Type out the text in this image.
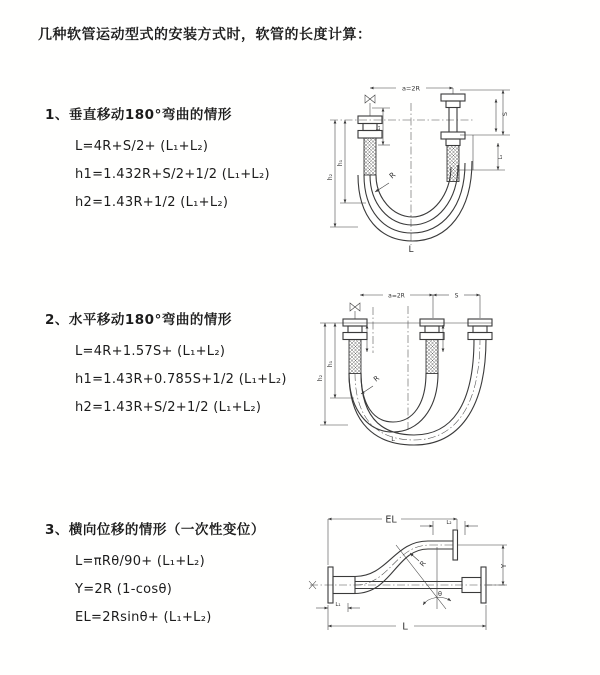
几种软管运动型式的安装方式时，软管的长度计算：

1、垂直移动180°弯曲的情形

L=4R+S/2+ (L₁+L₂)

h1=1.432R+S/2+1/2 (L₁+L₂)

h2=1.43R+1/2 (L₁+L₂)

2、水平移动180°弯曲的情形

L=4R+1.57S+ (L₁+L₂)

h1=1.43R+0.785S+1/2 (L₁+L₂)

h2=1.43R+S/2+1/2 (L₁+L₂)

3、横向位移的情形（一次性变位）

L=πRθ/90+ (L₁+L₂)

Y=2R (1-cosθ)

EL=2Rsinθ+ (L₁+L₂)

a=2R
R
h₂
h₁
L₁
S
L₂
L
a=2R	S
R
h₂
h₁
L
EL	L₂
Y
R
θ
L₁
L
